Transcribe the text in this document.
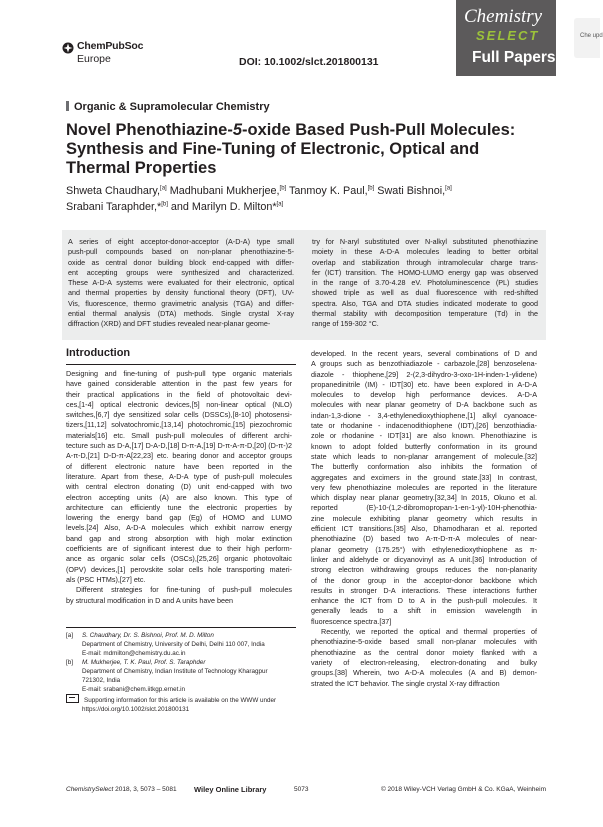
ChemPubSoc
Europe	DOI: 10.1002/slct.201800131
Chemistry
SELECT
Full Papers
Che upd
Organic & Supramolecular Chemistry
Novel Phenothiazine-5-oxide Based Push-Pull Molecules:
Synthesis and Fine-Tuning of Electronic, Optical and
Thermal Properties
Shweta Chaudhary,[a] Madhubani Mukherjee,[b] Tanmoy K. Paul,[b] Swati Bishnoi,[a]
Srabani Taraphder,*[b] and Marilyn D. Milton*[a]
A series of eight acceptor-donor-acceptor (A-D-A) type small
push-pull compounds based on non-planar phenothiazine-5-
oxide as central donor building block end-capped with differ-
ent accepting groups were synthesized and characterized.
These A-D-A systems were evaluated for their electronic, optical
and thermal properties by density functional theory (DFT), UV-
Vis, fluorescence, thermo gravimetric analysis (TGA) and differ-
ential thermal analysis (DTA) methods. Single crystal X-ray
diffraction (XRD) and DFT studies revealed near-planar geome-
try for N-aryl substituted over N-alkyl substituted phenothiazine
moiety in these A-D-A molecules leading to better orbital
overlap and stabilization through intramolecular charge trans-
fer (ICT) transition. The HOMO-LUMO energy gap was observed
in the range of 3.70-4.28 eV. Photoluminescence (PL) studies
showed triple as well as dual fluorescence with red-shifted
spectra. Also, TGA and DTA studies indicated moderate to good
thermal stability with decomposition temperature (Td) in the
range of 159-302 °C.
Introduction
Designing and fine-tuning of push-pull type organic materials
have gained considerable attention in the past few years for
their practical applications in the field of photovoltaic devi-
ces,[1-4] optical electronic devices,[5] non-linear optical (NLO)
switches,[6,7] dye sensitized solar cells (DSSCs),[8-10] photosensi-
tizers,[11,12] solvatochromic,[13,14] photochromic,[15] piezochromic
materials[16] etc. Small push-pull molecules of different archi-
tecture such as D-A,[17] D-A-D,[18] D-π-A,[19] D-π-A-π-D,[20] (D-π-)2
A-π-D,[21] D-D-π-A[22,23] etc. bearing donor and acceptor groups
of different electronic nature have been reported in the
literature. Apart from these, A-D-A type of push-pull molecules
with central electron donating (D) unit end-capped with two
electron accepting units (A) are also known. This type of
architecture can efficiently tune the electronic properties by
lowering the energy band gap (Eg) of HOMO and LUMO
levels.[24] Also, A-D-A molecules which exhibit narrow energy
band gap and strong absorption with high molar extinction
coefficients are of significant interest due to their high perform-
ance as organic solar cells (OSCs),[25,26] organic photovoltaic
(OPV) devices,[1] perovskite solar cells hole transporting materi-
als (PSC HTMs),[27] etc.
Different strategies for fine-tuning of push-pull molecules
by structural modification in D and A units have been
developed. In the recent years, several combinations of D and
A groups such as benzothiadiazole - carbazole,[28] benzoselena-
diazole - thiophene,[29] 2-(2,3-dihydro-3-oxo-1H-inden-1-ylidene)
propanedinitrile (IM) - IDT[30] etc. have been explored in A-D-A
molecules to develop high performance devices. A-D-A
molecules with near planar geometry of D-A backbone such as
indan-1,3-dione - 3,4-ethylenedioxythiophene,[1] alkyl cyanoace-
tate or rhodanine - indacenodithiophene (IDT),[26] benzothiadia-
zole or rhodanine - IDT[31] are also known. Phenothiazine is
known to adopt folded butterfly conformation in its ground
state which leads to non-planar arrangement of molecule.[32]
The butterfly conformation also inhibits the formation of
aggregates and excimers in the ground state.[33] In contrast,
very few phenothiazine molecules are reported in the literature
which display near planar geometry.[32,34] In 2015, Okuno et al.
reported (E)-10-(1,2-dibromopropan-1-en-1-yl)-10H-phenothia-
zine molecule exhibiting planar geometry which results in
efficient ICT transitions.[35] Also, Dhamodharan et al. reported
phenothiazine (D) based two A-π-D-π-A molecules of near-
planar geometry (175.25°) with ethylenedioxythiophene as π-
linker and aldehyde or dicyanovinyl as A unit.[36] Introduction of
strong electron withdrawing groups reduces the non-planarity
of the donor group in the acceptor-donor backbone which
results in stronger D-A interactions. These interactions further
enhance the ICT from D to A in the push-pull molecules. It
generally leads to a shift in emission wavelength in
fluorescence spectra.[37]
Recently, we reported the optical and thermal properties of
phenothiazine-5-oxide based small non-planar molecules with
phenothiazine as the central donor moiety flanked with a
variety of electron-releasing, electron-donating and bulky
groups.[38] Wherein, two A-D-A molecules (A and B) demon-
strated the ICT behavior. The single crystal X-ray diffraction
[a] S. Chaudhary, Dr. S. Bishnoi, Prof. M. D. Milton
Department of Chemistry, University of Delhi, Delhi 110 007, India
E-mail: mdmilton@chemistry.du.ac.in
[b] M. Mukherjee, T. K. Paul, Prof. S. Taraphder
Department of Chemistry, Indian Institute of Technology Kharagpur
721302, India
E-mail: srabani@chem.iitkgp.ernet.in
Supporting information for this article is available on the WWW under
https://doi.org/10.1002/slct.201800131
ChemistrySelect 2018, 3, 5073 – 5081 Wiley Online Library	5073	© 2018 Wiley-VCH Verlag GmbH & Co. KGaA, Weinheim
